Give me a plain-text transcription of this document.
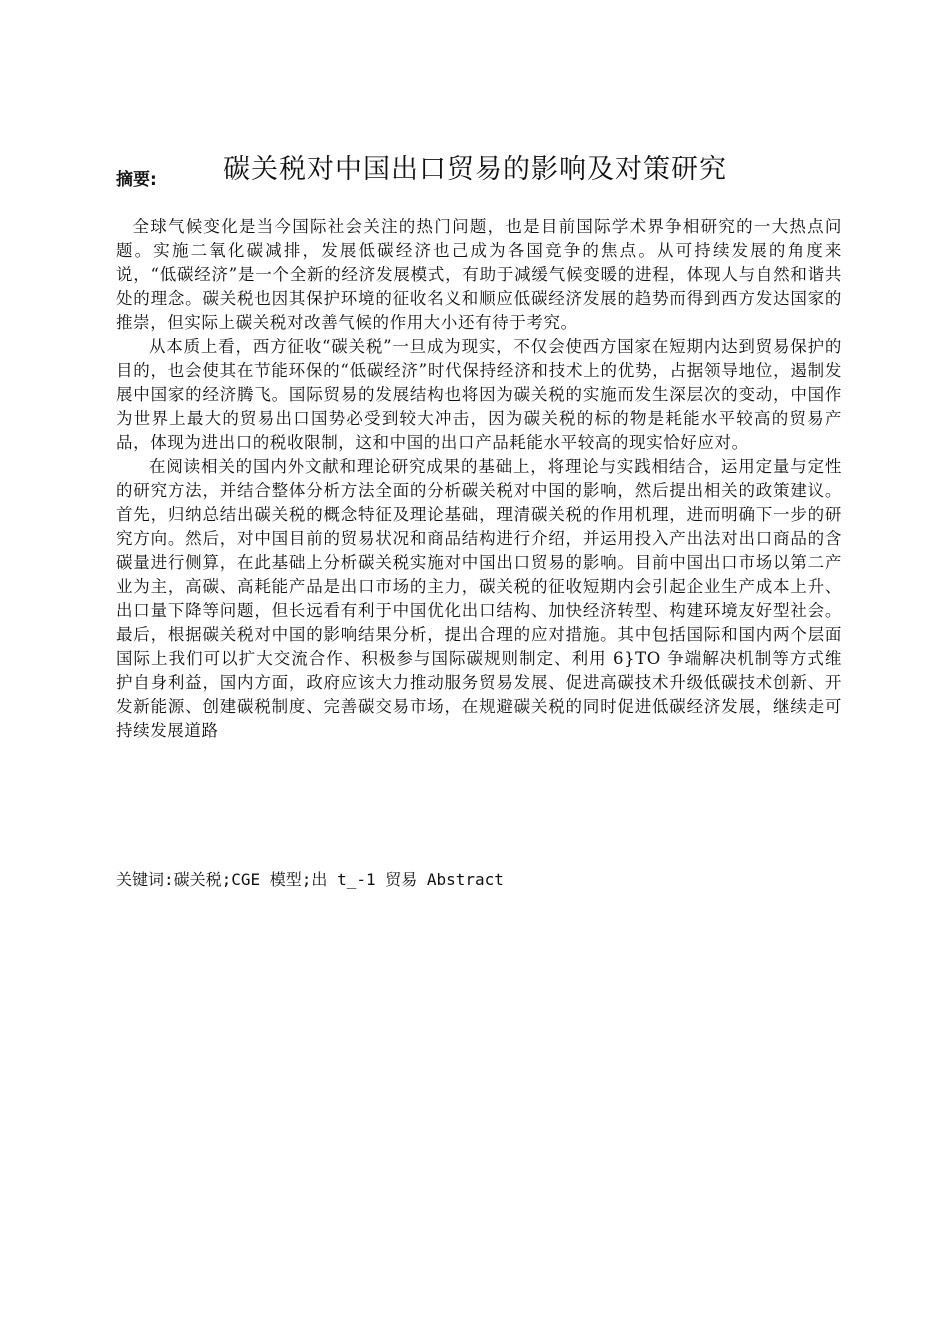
碳关税对中国出口贸易的影响及对策研究
摘要:

全球气候变化是当今国际社会关注的热门问题，也是目前国际学术界争相研究的一大热点问题。实施二氧化碳减排，发展低碳经济也己成为各国竞争的焦点。从可持续发展的角度来说，“低碳经济”是一个全新的经济发展模式，有助于减缓气候变暖的进程，体现人与自然和谐共处的理念。碳关税也因其保护环境的征收名义和顺应低碳经济发展的趋势而得到西方发达国家的推崇，但实际上碳关税对改善气候的作用大小还有待于考究。

从本质上看，西方征收“碳关税”一旦成为现实，不仅会使西方国家在短期内达到贸易保护的目的，也会使其在节能环保的“低碳经济”时代保持经济和技术上的优势，占据领导地位，遏制发展中国家的经济腾飞。国际贸易的发展结构也将因为碳关税的实施而发生深层次的变动，中国作为世界上最大的贸易出口国势必受到较大冲击，因为碳关税的标的物是耗能水平较高的贸易产品，体现为进出口的税收限制，这和中国的出口产品耗能水平较高的现实恰好应对。

在阅读相关的国内外文献和理论研究成果的基础上，将理论与实践相结合，运用定量与定性的研究方法，并结合整体分析方法全面的分析碳关税对中国的影响，然后提出相关的政策建议。首先，归纳总结出碳关税的概念特征及理论基础，理清碳关税的作用机理，进而明确下一步的研究方向。然后，对中国目前的贸易状况和商品结构进行介绍，并运用投入产出法对出口商品的含碳量进行侧算，在此基础上分析碳关税实施对中国出口贸易的影响。目前中国出口市场以第二产业为主，高碳、高耗能产品是出口市场的主力，碳关税的征收短期内会引起企业生产成本上升、出口量下降等问题，但长远看有利于中国优化出口结构、加快经济转型、构建环境友好型社会。最后，根据碳关税对中国的影响结果分析，提出合理的应对措施。其中包括国际和国内两个层面国际上我们可以扩大交流合作、积极参与国际碳规则制定、利用 6}TO 争端解决机制等方式维护自身利益，国内方面，政府应该大力推动服务贸易发展、促进高碳技术升级低碳技术创新、开发新能源、创建碳税制度、完善碳交易市场，在规避碳关税的同时促进低碳经济发展，继续走可持续发展道路

关键词:碳关税;CGE 模型;出 t_-1 贸易 Abstract
